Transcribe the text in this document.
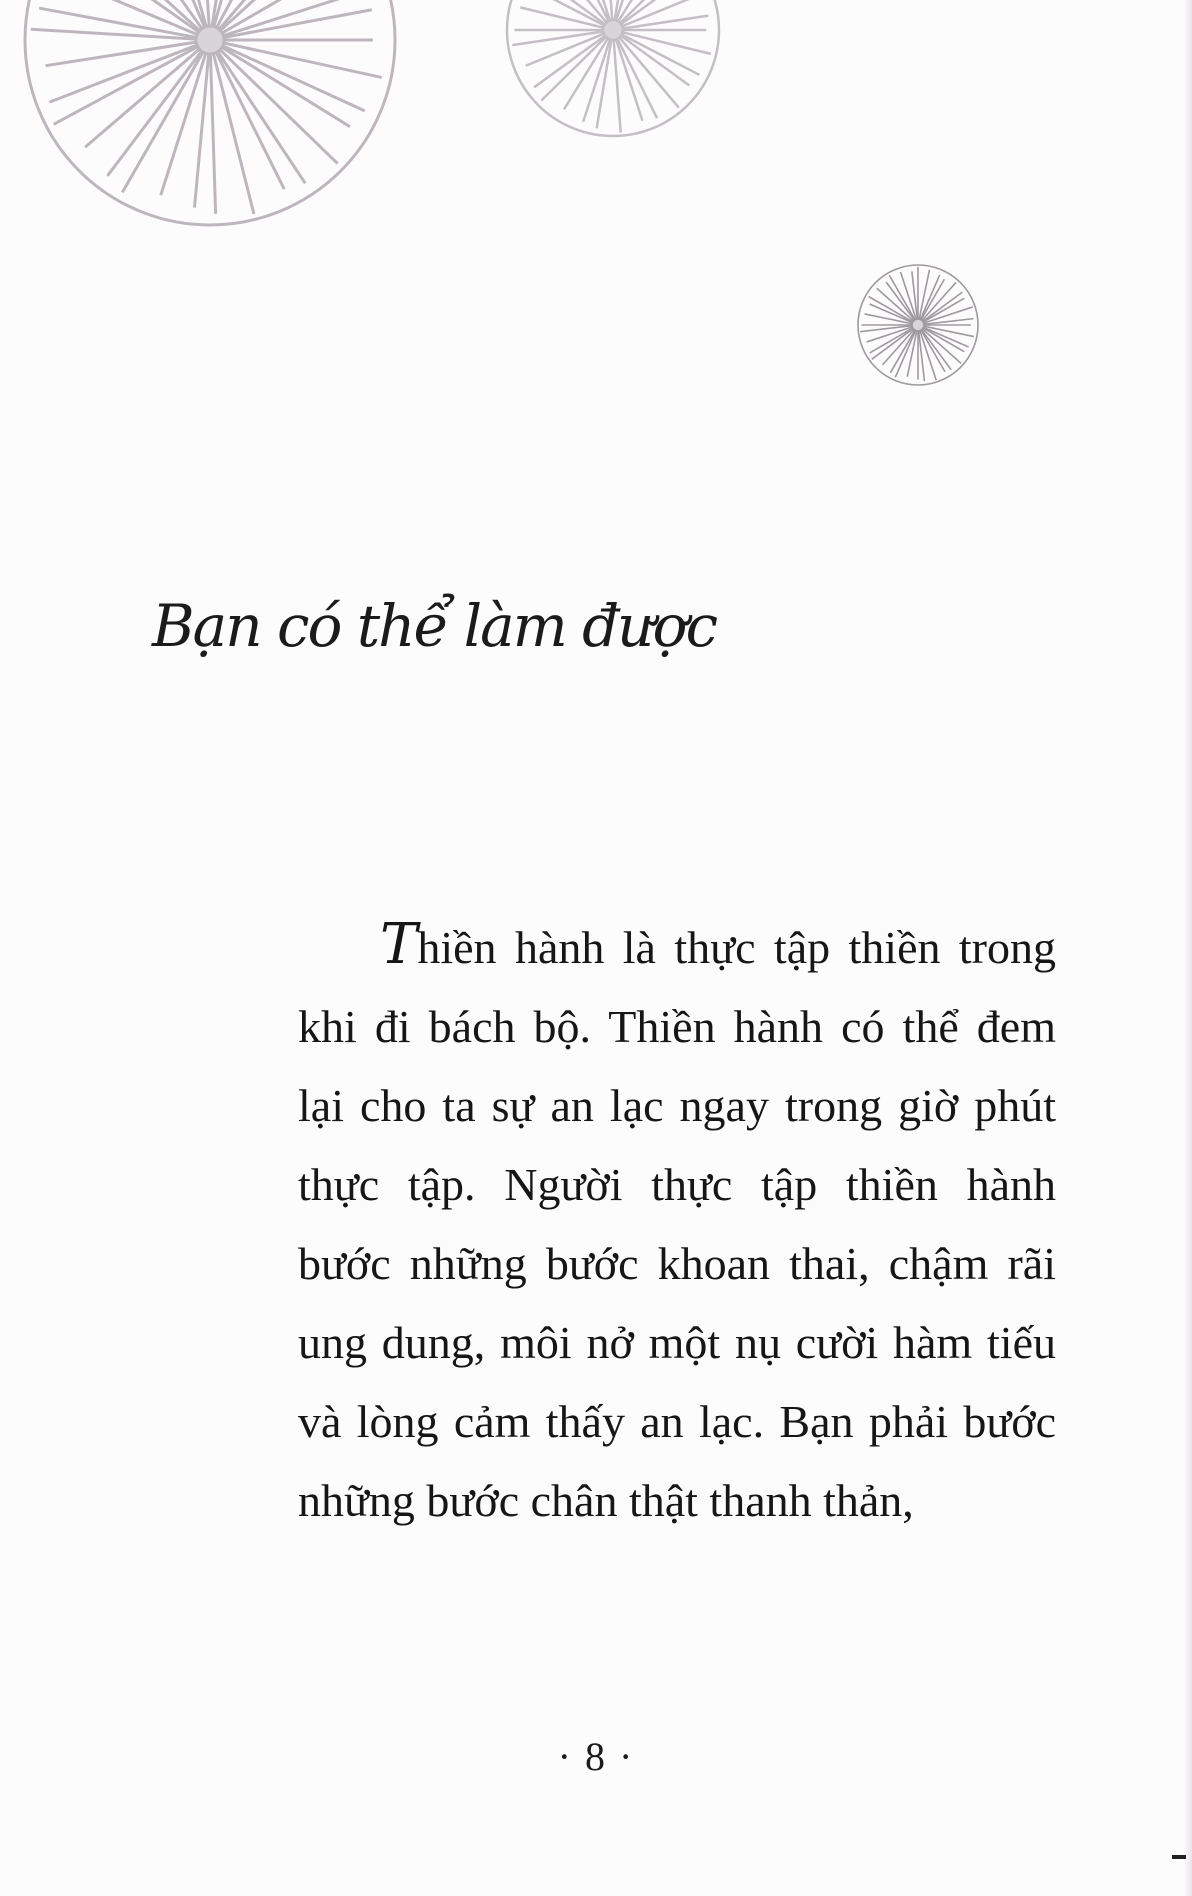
Bạn có thể làm được

Thiền hành là thực tập thiền trong khi đi bách bộ. Thiền hành có thể đem lại cho ta sự an lạc ngay trong giờ phút thực tập. Người thực tập thiền hành bước những bước khoan thai, chậm rãi ung dung, môi nở một nụ cười hàm tiếu và lòng cảm thấy an lạc. Bạn phải bước những bước chân thật thanh thản,

· 8 ·
